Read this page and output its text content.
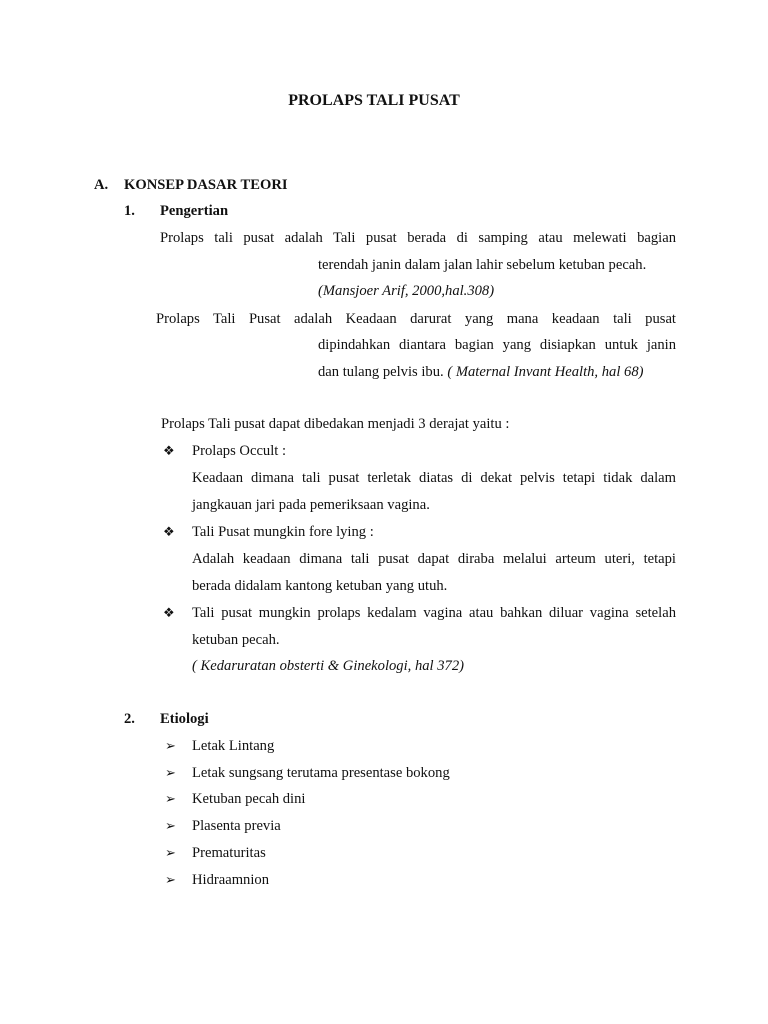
PROLAPS TALI PUSAT
A. KONSEP DASAR TEORI
1. Pengertian
Prolaps tali pusat adalah Tali pusat berada di samping atau melewati bagian
terendah janin dalam jalan lahir sebelum ketuban pecah.
(Mansjoer Arif, 2000,hal.308)
Prolaps Tali Pusat adalah Keadaan darurat yang mana keadaan tali pusat
dipindahkan diantara bagian yang disiapkan untuk janin
dan tulang pelvis ibu. ( Maternal Invant Health, hal 68)
Prolaps Tali pusat dapat dibedakan menjadi 3 derajat yaitu :
❖ Prolaps Occult :
Keadaan dimana tali pusat terletak diatas di dekat pelvis tetapi tidak dalam
jangkauan jari pada pemeriksaan vagina.
❖ Tali Pusat mungkin fore lying :
Adalah keadaan dimana tali pusat dapat diraba melalui arteum uteri, tetapi
berada didalam kantong ketuban yang utuh.
❖ Tali pusat mungkin prolaps kedalam vagina atau bahkan diluar vagina setelah
ketuban pecah.
( Kedaruratan obsterti & Ginekologi, hal 372)
2. Etiologi
➢ Letak Lintang
➢ Letak sungsang terutama presentase bokong
➢ Ketuban pecah dini
➢ Plasenta previa
➢ Prematuritas
➢ Hidraamnion
